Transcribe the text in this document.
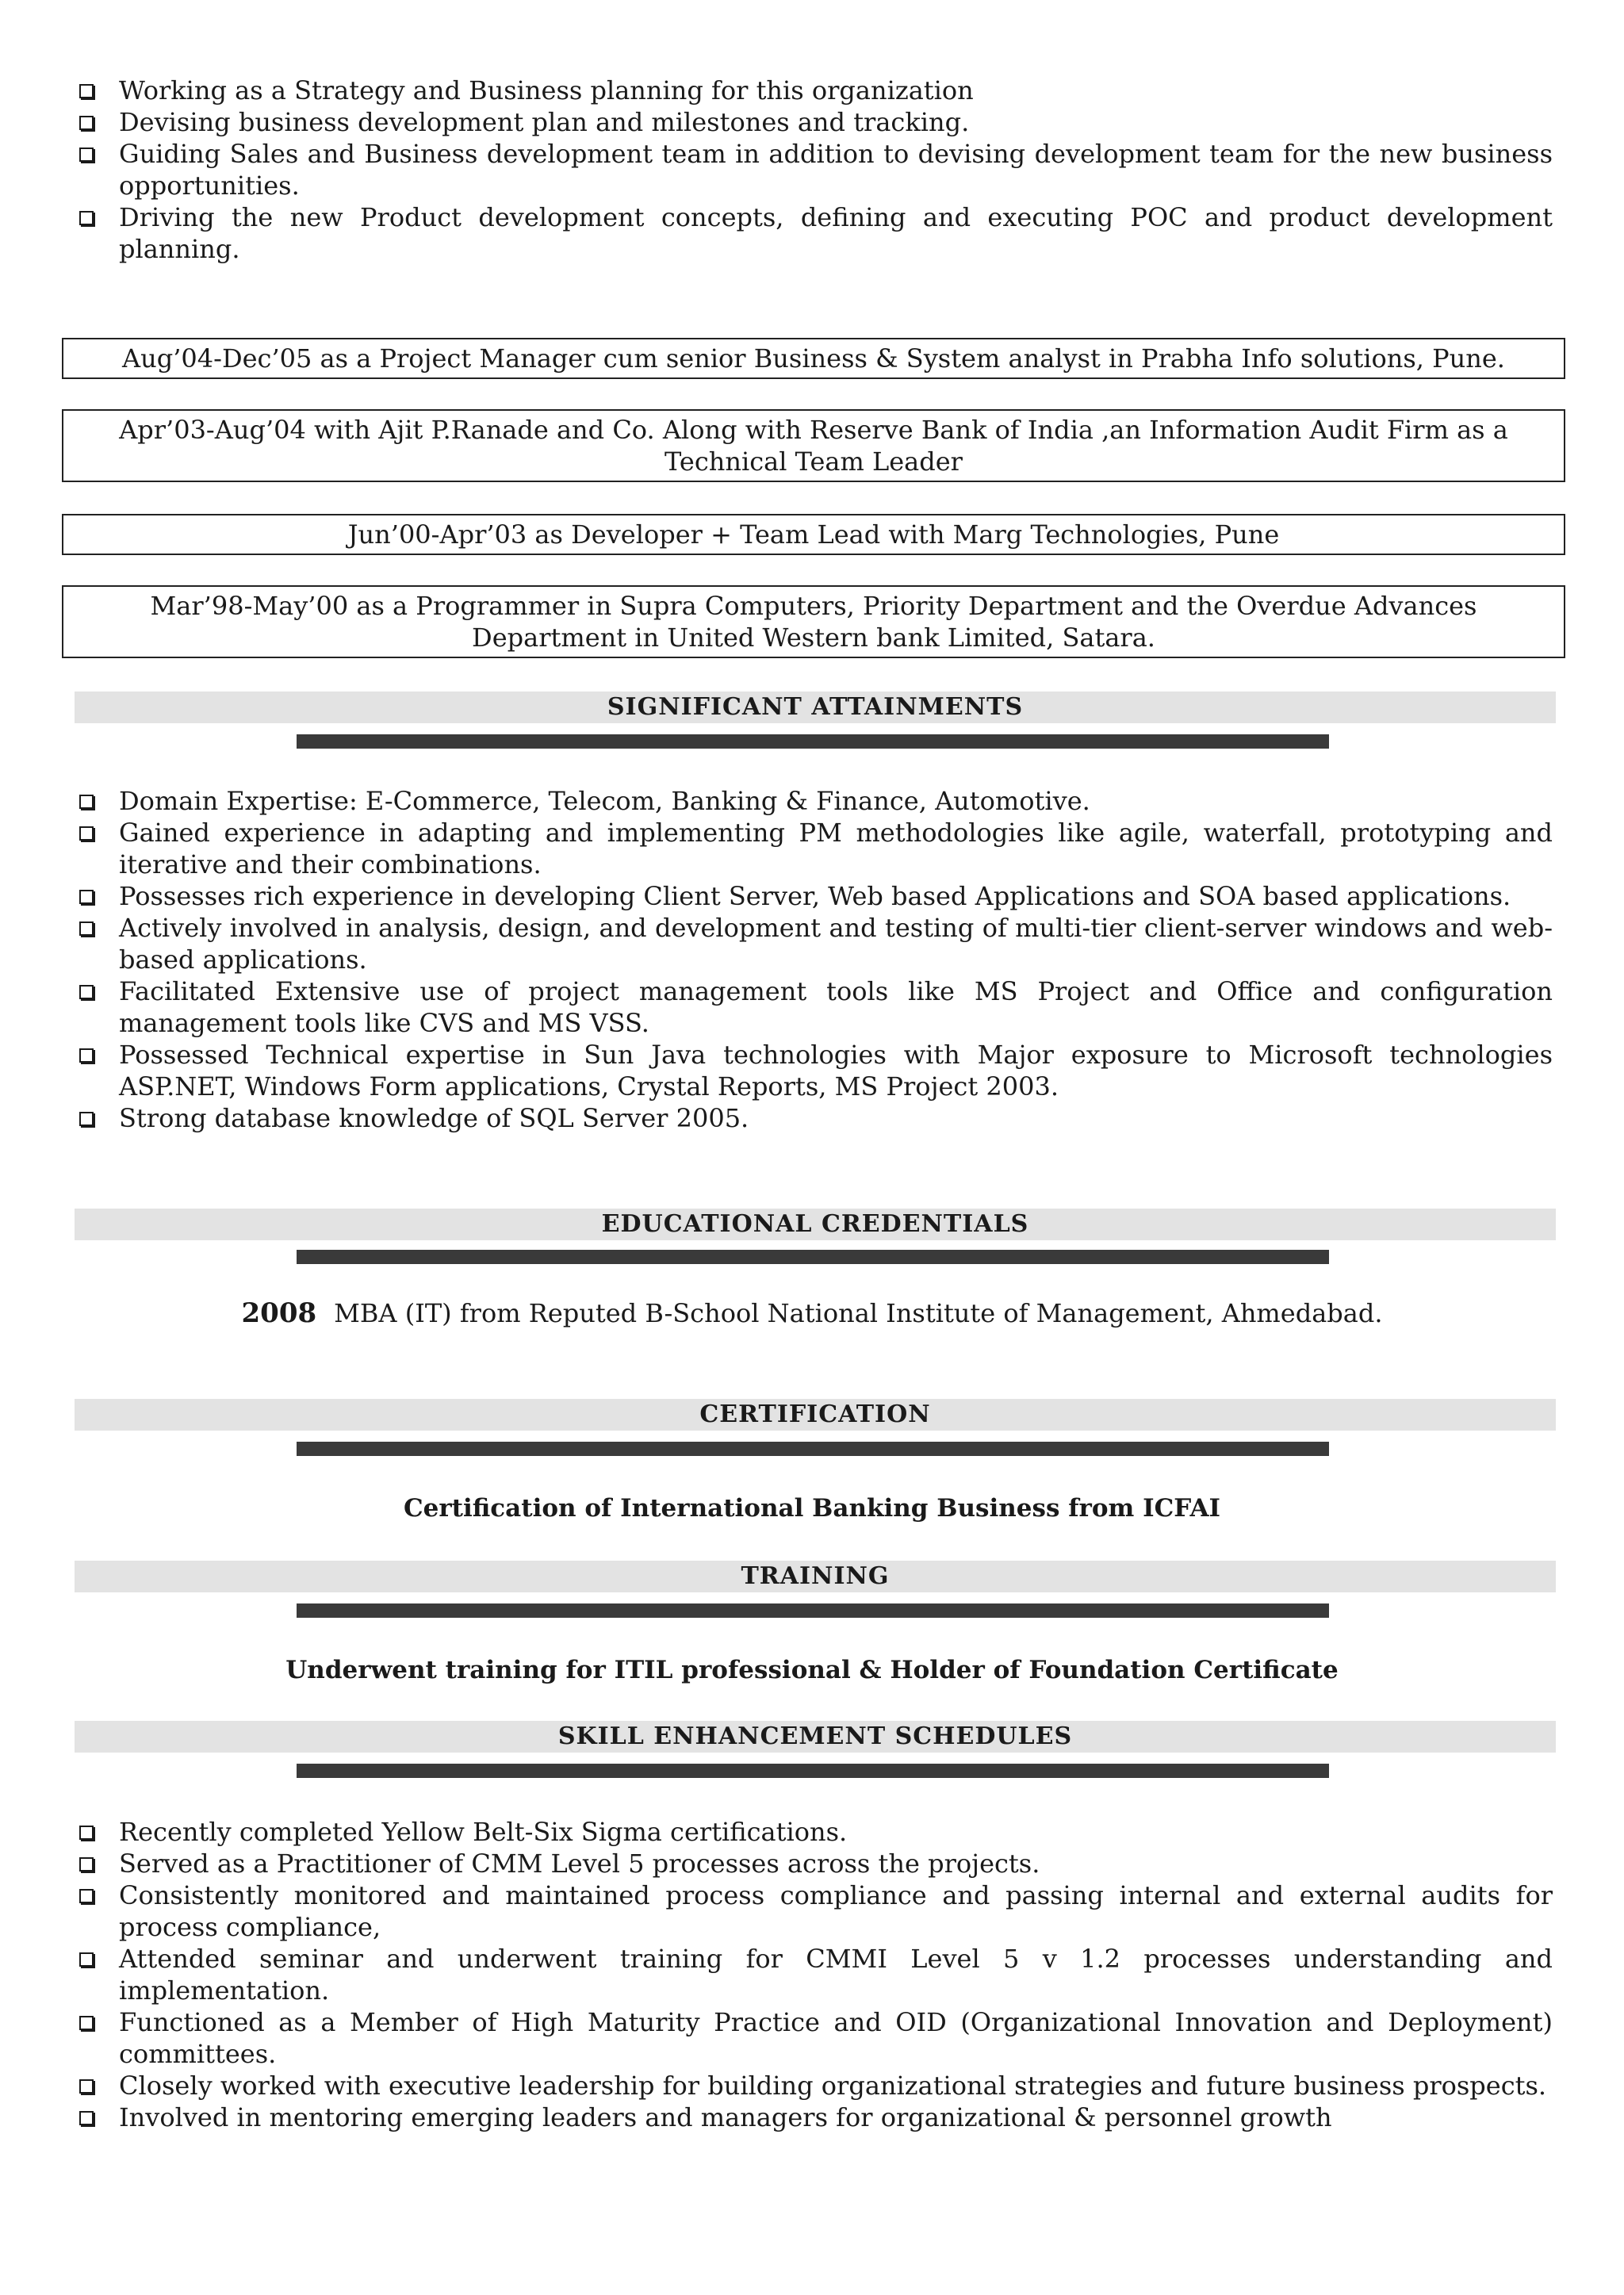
Working as a Strategy and Business planning for this organization
Devising business development plan and milestones and tracking.
Guiding Sales and Business development team in addition to devising development team for the new business opportunities.
Driving the new Product development concepts, defining and executing POC and product development planning.
Aug’04-Dec’05 as a Project Manager cum senior Business & System analyst in Prabha Info solutions, Pune.
Apr’03-Aug’04 with Ajit P.Ranade and Co. Along with Reserve Bank of India ,an Information Audit Firm as a Technical Team Leader
Jun’00-Apr’03 as Developer + Team Lead with Marg Technologies, Pune
Mar’98-May’00 as a Programmer in Supra Computers, Priority Department and the Overdue Advances Department in United Western bank Limited, Satara.
SIGNIFICANT ATTAINMENTS
Domain Expertise: E-Commerce, Telecom, Banking & Finance, Automotive.
Gained experience in adapting and implementing PM methodologies like agile, waterfall, prototyping and iterative and their combinations.
Possesses rich experience in developing Client Server, Web based Applications and SOA based applications.
Actively involved in analysis, design, and development and testing of multi-tier client-server windows and web-based applications.
Facilitated Extensive use of project management tools like MS Project and Office and configuration management tools like CVS and MS VSS.
Possessed Technical expertise in Sun Java technologies with Major exposure to Microsoft technologies ASP.NET, Windows Form applications, Crystal Reports, MS Project 2003.
Strong database knowledge of SQL Server 2005.
EDUCATIONAL CREDENTIALS
2008 MBA (IT) from Reputed B-School National Institute of Management, Ahmedabad.
CERTIFICATION
Certification of International Banking Business from ICFAI
TRAINING
Underwent training for ITIL professional & Holder of Foundation Certificate
SKILL ENHANCEMENT SCHEDULES
Recently completed Yellow Belt-Six Sigma certifications.
Served as a Practitioner of CMM Level 5 processes across the projects.
Consistently monitored and maintained process compliance and passing internal and external audits for process compliance,
Attended seminar and underwent training for CMMI Level 5 v 1.2 processes understanding and implementation.
Functioned as a Member of High Maturity Practice and OID (Organizational Innovation and Deployment) committees.
Closely worked with executive leadership for building organizational strategies and future business prospects.
Involved in mentoring emerging leaders and managers for organizational & personnel growth
